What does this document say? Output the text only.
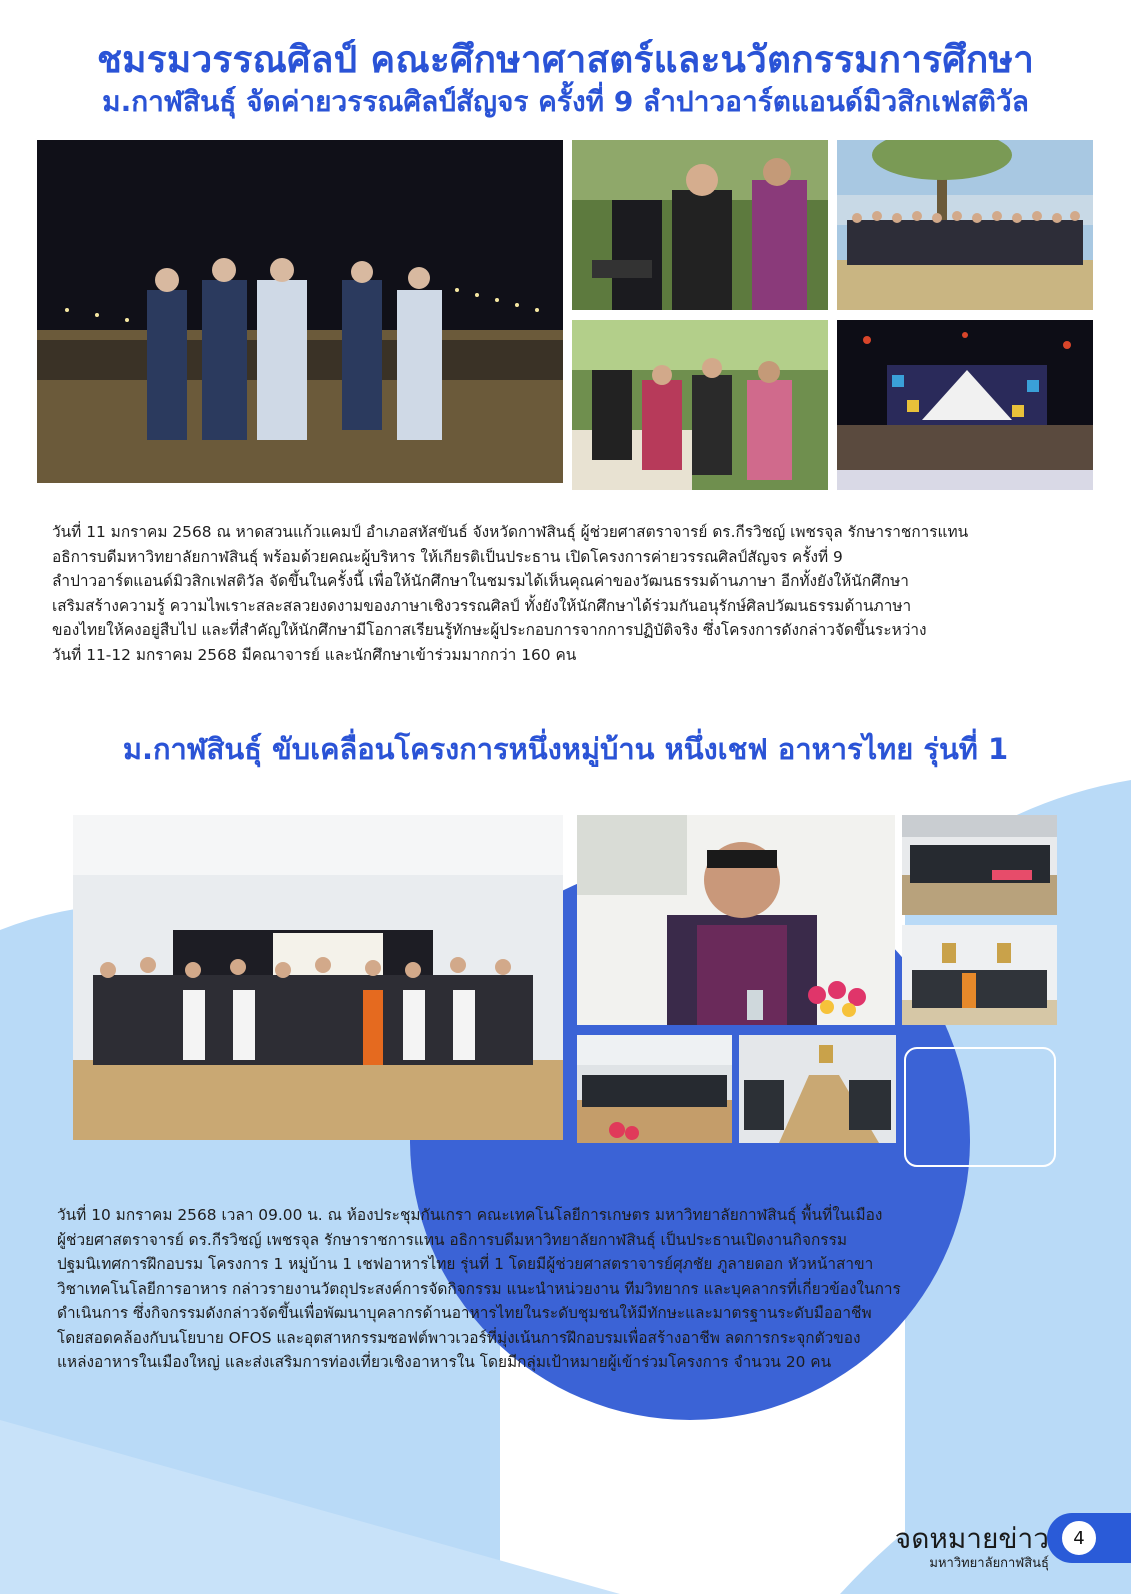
ชมรมวรรณศิลป์ คณะศึกษาศาสตร์และนวัตกรรมการศึกษา
ม.กาฬสินธุ์ จัดค่ายวรรณศิลป์สัญจร ครั้งที่ 9 ลำปาวอาร์ตแอนด์มิวสิกเฟสติวัล
วันที่ 11 มกราคม 2568 ณ หาดสวนแก้วแคมป์ อำเภอสหัสขันธ์ จังหวัดกาฬสินธุ์ ผู้ช่วยศาสตราจารย์ ดร.กีรวิชญ์ เพชรจุล รักษาราชการแทน
อธิการบดีมหาวิทยาลัยกาฬสินธุ์ พร้อมด้วยคณะผู้บริหาร ให้เกียรติเป็นประธาน เปิดโครงการค่ายวรรณศิลป์สัญจร ครั้งที่ 9
ลำปาวอาร์ตแอนด์มิวสิกเฟสติวัล จัดขึ้นในครั้งนี้ เพื่อให้นักศึกษาในชมรมได้เห็นคุณค่าของวัฒนธรรมด้านภาษา อีกทั้งยังให้นักศึกษา
เสริมสร้างความรู้ ความไพเราะสละสลวยงดงามของภาษาเชิงวรรณศิลป์ ทั้งยังให้นักศึกษาได้ร่วมกันอนุรักษ์ศิลปวัฒนธรรมด้านภาษา
ของไทยให้คงอยู่สืบไป และที่สำคัญให้นักศึกษามีโอกาสเรียนรู้ทักษะผู้ประกอบการจากการปฏิบัติจริง ซึ่งโครงการดังกล่าวจัดขึ้นระหว่าง
วันที่ 11-12 มกราคม 2568 มีคณาจารย์ และนักศึกษาเข้าร่วมมากกว่า 160 คน
ม.กาฬสินธุ์ ขับเคลื่อนโครงการหนึ่งหมู่บ้าน หนึ่งเชฟ อาหารไทย รุ่นที่ 1
วันที่ 10 มกราคม 2568 เวลา 09.00 น. ณ ห้องประชุมกันเกรา คณะเทคโนโลยีการเกษตร มหาวิทยาลัยกาฬสินธุ์ พื้นที่ในเมือง
ผู้ช่วยศาสตราจารย์ ดร.กีรวิชญ์ เพชรจุล รักษาราชการแทน อธิการบดีมหาวิทยาลัยกาฬสินธุ์ เป็นประธานเปิดงานกิจกรรม
ปฐมนิเทศการฝึกอบรม โครงการ 1 หมู่บ้าน 1 เชฟอาหารไทย รุ่นที่ 1 โดยมีผู้ช่วยศาสตราจารย์ศุภชัย ภูลายดอก หัวหน้าสาขา
วิชาเทคโนโลยีการอาหาร กล่าวรายงานวัตถุประสงค์การจัดกิจกรรม แนะนำหน่วยงาน ทีมวิทยากร และบุคลากรที่เกี่ยวข้องในการ
ดำเนินการ ซึ่งกิจกรรมดังกล่าวจัดขึ้นเพื่อพัฒนาบุคลากรด้านอาหารไทยในระดับชุมชนให้มีทักษะและมาตรฐานระดับมืออาชีพ
โดยสอดคล้องกับนโยบาย OFOS และอุตสาหกรรมซอฟต์พาวเวอร์ที่มุ่งเน้นการฝึกอบรมเพื่อสร้างอาชีพ ลดการกระจุกตัวของ
แหล่งอาหารในเมืองใหญ่ และส่งเสริมการท่องเที่ยวเชิงอาหารใน โดยมีกลุ่มเป้าหมายผู้เข้าร่วมโครงการ จำนวน 20 คน
4
จดหมายข่าว
มหาวิทยาลัยกาฬสินธุ์
